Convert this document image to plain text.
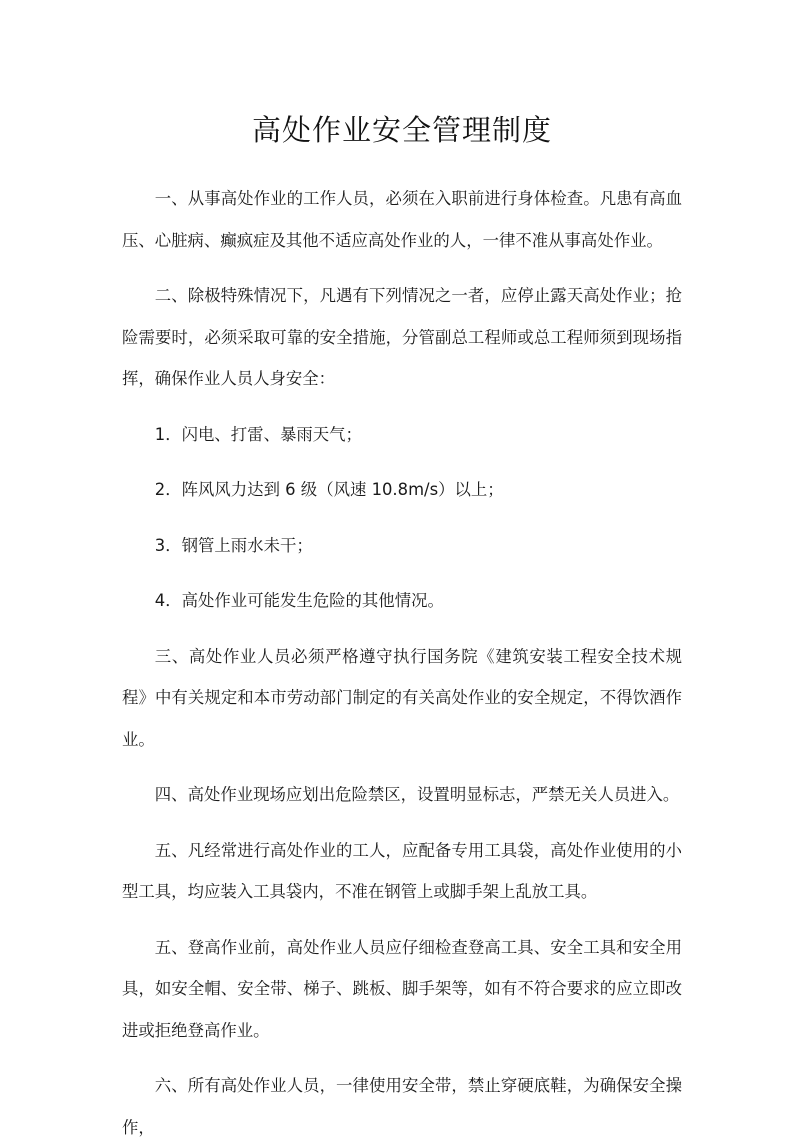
高处作业安全管理制度

一、从事高处作业的工作人员，必须在入职前进行身体检查。凡患有高血压、心脏病、癫疯症及其他不适应高处作业的人，一律不准从事高处作业。

二、除极特殊情况下，凡遇有下列情况之一者，应停止露天高处作业；抢险需要时，必须采取可靠的安全措施，分管副总工程师或总工程师须到现场指挥，确保作业人员人身安全：

1．闪电、打雷、暴雨天气；

2．阵风风力达到 6 级（风速 10.8m/s）以上；

3．钢管上雨水未干；

4．高处作业可能发生危险的其他情况。

三、高处作业人员必须严格遵守执行国务院《建筑安装工程安全技术规程》中有关规定和本市劳动部门制定的有关高处作业的安全规定，不得饮酒作业。

四、高处作业现场应划出危险禁区，设置明显标志，严禁无关人员进入。

五、凡经常进行高处作业的工人，应配备专用工具袋，高处作业使用的小型工具，均应装入工具袋内，不准在钢管上或脚手架上乱放工具。

五、登高作业前，高处作业人员应仔细检查登高工具、安全工具和安全用具，如安全帽、安全带、梯子、跳板、脚手架等，如有不符合要求的应立即改进或拒绝登高作业。

六、所有高处作业人员，一律使用安全带，禁止穿硬底鞋，为确保安全操作，
